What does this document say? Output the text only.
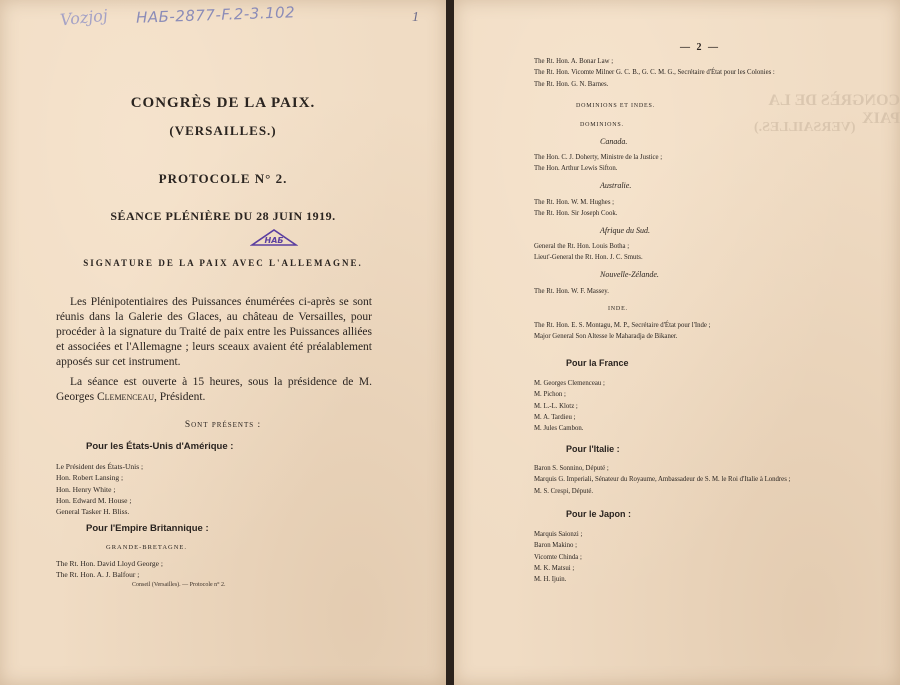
Vozjoj НАБ-2877-F.2-3.102	1
CONGRÈS DE LA PAIX.
(VERSAILLES.)
PROTOCOLE N° 2.
SÉANCE PLÉNIÈRE DU 28 JUIN 1919.
НАБ
SIGNATURE DE LA PAIX AVEC L'ALLEMAGNE.
Les Plénipotentiaires des Puissances énumérées ci-après se sont réunis dans la Galerie des Glaces, au château de Versailles, pour procéder à la signature du Traité de paix entre les Puissances alliées et associées et l'Allemagne ; leurs sceaux avaient été préalablement apposés sur cet instrument.
La séance est ouverte à 15 heures, sous la présidence de M. Georges Clemenceau, Président.
Sont présents :
Pour les États-Unis d'Amérique :
Le Président des États-Unis ;
Hon. Robert Lansing ;
Hon. Henry White ;
Hon. Edward M. House ;
General Tasker H. Bliss.
Pour l'Empire Britannique :
GRANDE-BRETAGNE.
The Rt. Hon. David Lloyd George ;
The Rt. Hon. A. J. Balfour ;
Conseil (Versailles). — Protocole n° 2.
CONGRÈS DE LA PAIX
(VERSAILLES.)
— 2 —
The Rt. Hon. A. Bonar Law ;
The Rt. Hon. Vicomte Milner G. C. B., G. C. M. G., Secrétaire d'État pour les Colonies :
The Rt. Hon. G. N. Barnes.
DOMINIONS ET INDES.
DOMINIONS.
Canada.
The Hon. C. J. Doherty, Ministre de la Justice ;
The Hon. Arthur Lewis Sifton.
Australie.
The Rt. Hon. W. M. Hughes ;
The Rt. Hon. Sir Joseph Cook.
Afrique du Sud.
General the Rt. Hon. Louis Botha ;
Lieut'-General the Rt. Hon. J. C. Smuts.
Nouvelle-Zélande.
The Rt. Hon. W. F. Massey.
INDE.
The Rt. Hon. E. S. Montagu, M. P., Secrétaire d'État pour l'Inde ;
Major General Son Altesse le Maharadja de Bikaner.
Pour la France
M. Georges Clemenceau ;
M. Pichon ;
M. L.-L. Klotz ;
M. A. Tardieu ;
M. Jules Cambon.
Pour l'Italie :
Baron S. Sonnino, Député ;
Marquis G. Imperiali, Sénateur du Royaume, Ambassadeur de S. M. le Roi d'Italie à Londres ;
M. S. Crespi, Député.
Pour le Japon :
Marquis Saionzi ;
Baron Makino ;
Vicomte Chinda ;
M. K. Matsui ;
M. H. Ijuin.
